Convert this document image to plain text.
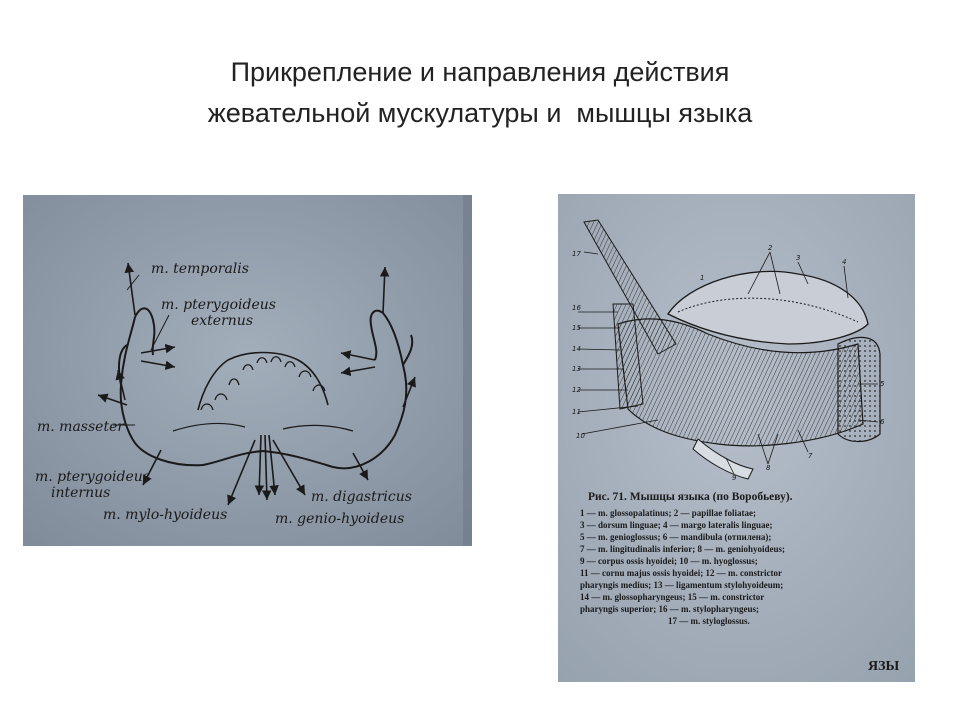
Прикрепление и направления действия
жевательной мускулатуры и  мышцы языка
m. temporalis
m. pterygoideus
externus
m. masseter
m. pterygoideus
internus
m. mylo-hyoideus
m. digastricus
m. genio-hyoideus
17
1
2
3	4
16
15
14
13
12
11
10
5
6
7
8
9
Рис. 71. Мышцы языка (по Воробьеву).
1 — m. glossopalatinus; 2 — papillae foliatae;
3 — dorsum linguae; 4 — margo lateralis linguae;
5 — m. genioglossus; 6 — mandibula (отпилена);
7 — m. lingitudinalis inferior; 8 — m. geniohyoideus;
9 — corpus ossis hyoidei; 10 — m. hyoglossus;
11 — cornu majus ossis hyoidei; 12 — m. constrictor
pharyngis medius; 13 — ligamentum stylohyoideum;
14 — m. glossopharyngeus; 15 — m. constrictor
pharyngis superior; 16 — m. stylopharyngeus;
17 — m. styloglossus.
ЯЗЫ
